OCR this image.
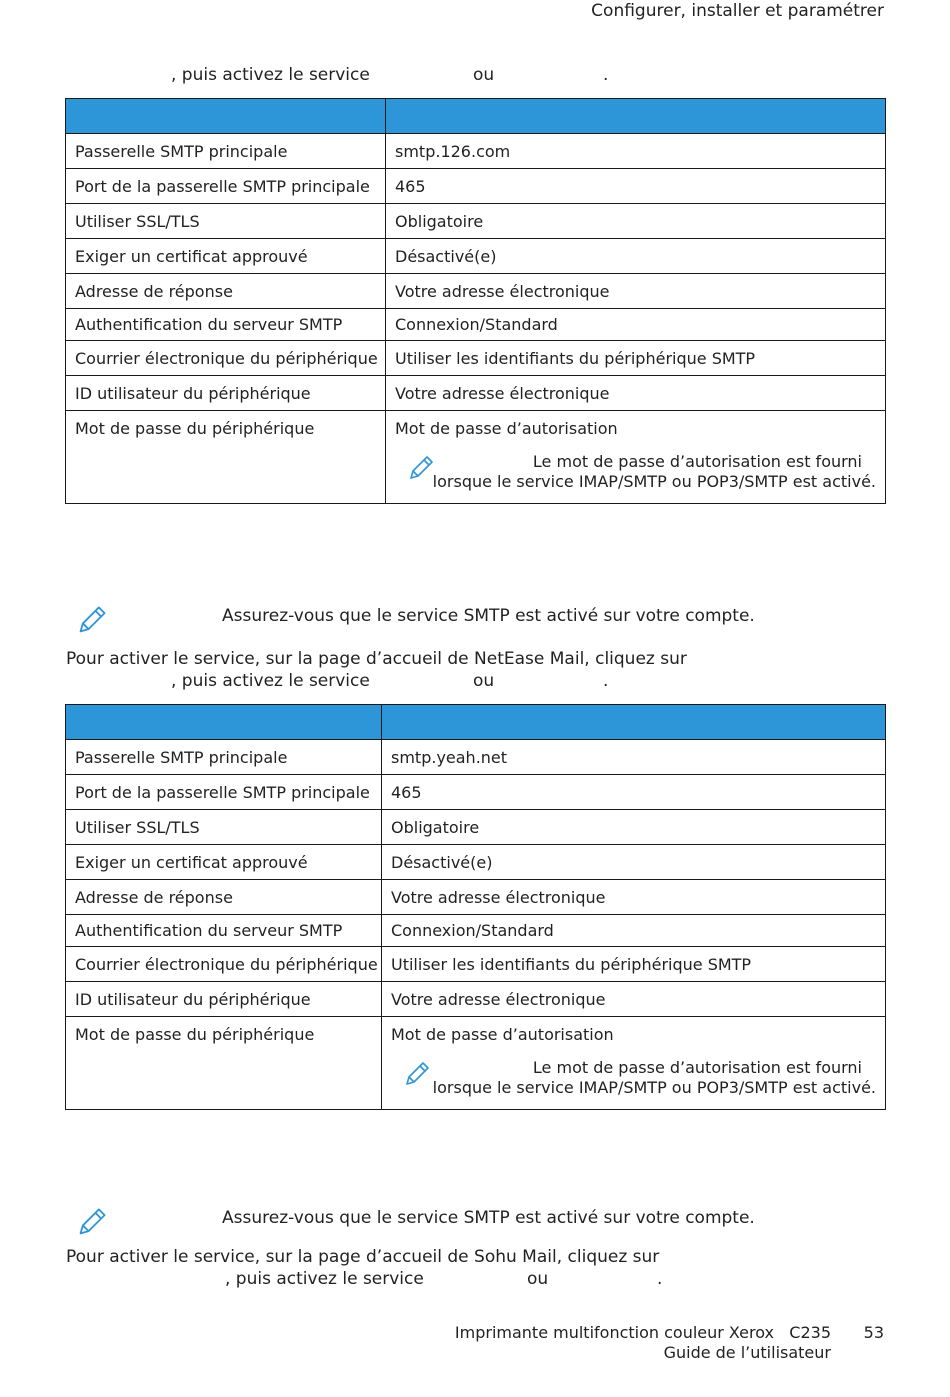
Configurer, installer et paramétrer
, puis activez le service	ou	.

Passerelle SMTP principale	smtp.126.com
Port de la passerelle SMTP principale	465
Utiliser SSL/TLS	Obligatoire
Exiger un certificat approuvé	Désactivé(e)
Adresse de réponse	Votre adresse électronique
Authentification du serveur SMTP	Connexion/Standard
Courrier électronique du périphérique	Utiliser les identifiants du périphérique SMTP
ID utilisateur du périphérique	Votre adresse électronique
Mot de passe du périphérique	Mot de passe d’autorisation
Le mot de passe d’autorisation est fourni
lorsque le service IMAP/SMTP ou POP3/SMTP est activé.
Assurez-vous que le service SMTP est activé sur votre compte.
Pour activer le service, sur la page d’accueil de NetEase Mail, cliquez sur
, puis activez le service	ou	.

Passerelle SMTP principale	smtp.yeah.net
Port de la passerelle SMTP principale	465
Utiliser SSL/TLS	Obligatoire
Exiger un certificat approuvé	Désactivé(e)
Adresse de réponse	Votre adresse électronique
Authentification du serveur SMTP	Connexion/Standard
Courrier électronique du périphérique	Utiliser les identifiants du périphérique SMTP
ID utilisateur du périphérique	Votre adresse électronique
Mot de passe du périphérique	Mot de passe d’autorisation
Le mot de passe d’autorisation est fourni
lorsque le service IMAP/SMTP ou POP3/SMTP est activé.
Assurez-vous que le service SMTP est activé sur votre compte.
Pour activer le service, sur la page d’accueil de Sohu Mail, cliquez sur
, puis activez le service	ou	.
Imprimante multifonction couleur Xerox C235 53
Guide de l’utilisateur
